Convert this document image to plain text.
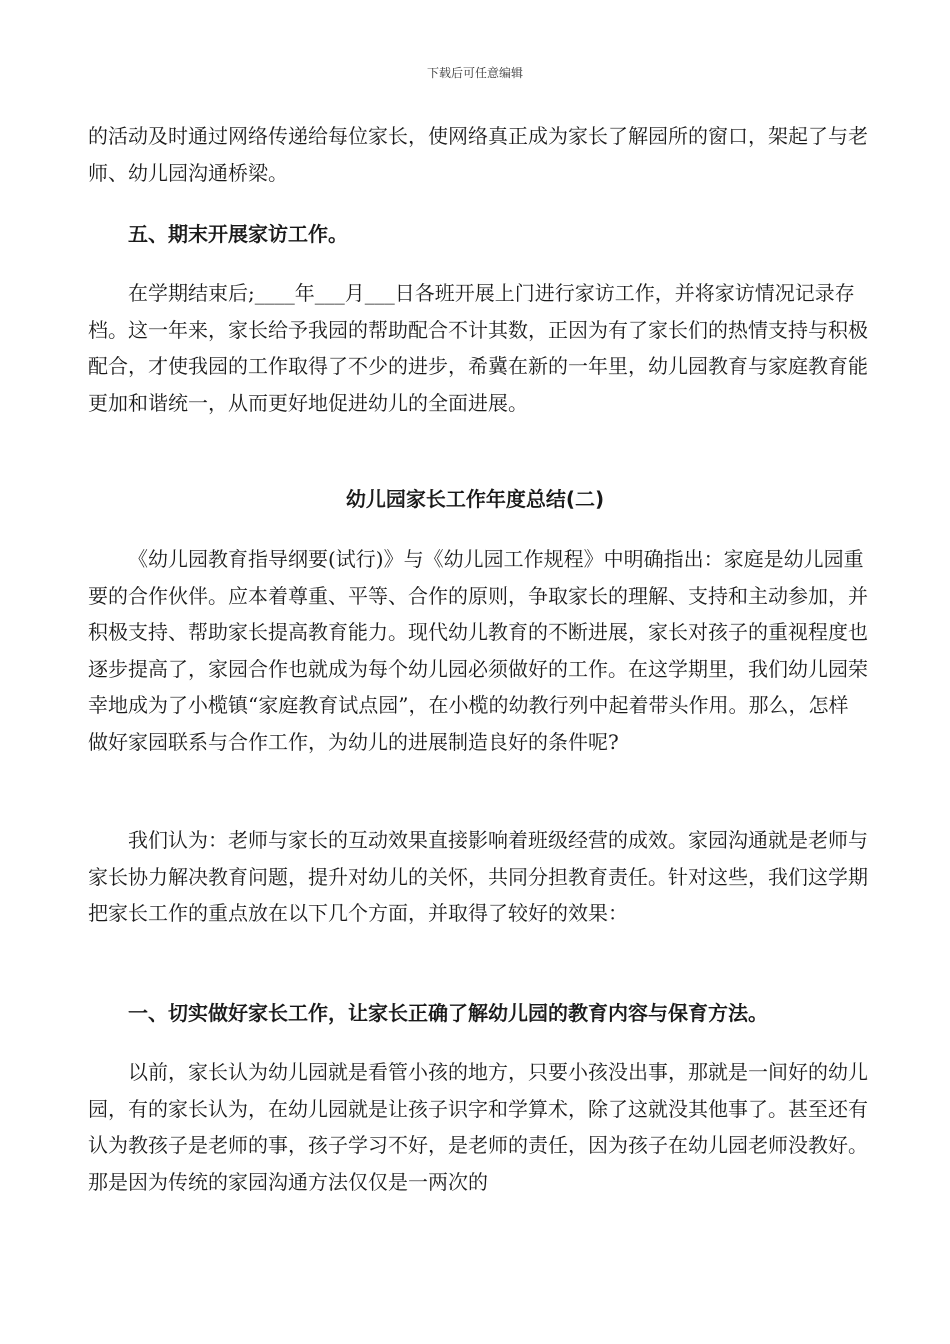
下载后可任意编辑
的活动及时通过网络传递给每位家长，使网络真正成为家长了解园所的窗口，架起了与老师、幼儿园沟通桥梁。
五、期末开展家访工作。
在学期结束后;____年___月___日各班开展上门进行家访工作，并将家访情况记录存档。这一年来，家长给予我园的帮助配合不计其数，正因为有了家长们的热情支持与积极配合，才使我园的工作取得了不少的进步，希冀在新的一年里，幼儿园教育与家庭教育能更加和谐统一，从而更好地促进幼儿的全面进展。
幼儿园家长工作年度总结(二)
《幼儿园教育指导纲要(试行)》与《幼儿园工作规程》中明确指出：家庭是幼儿园重要的合作伙伴。应本着尊重、平等、合作的原则，争取家长的理解、支持和主动参加，并积极支持、帮助家长提高教育能力。现代幼儿教育的不断进展，家长对孩子的重视程度也逐步提高了，家园合作也就成为每个幼儿园必须做好的工作。在这学期里，我们幼儿园荣幸地成为了小榄镇“家庭教育试点园”，在小榄的幼教行列中起着带头作用。那么，怎样做好家园联系与合作工作，为幼儿的进展制造良好的条件呢?
我们认为：老师与家长的互动效果直接影响着班级经营的成效。家园沟通就是老师与家长协力解决教育问题，提升对幼儿的关怀，共同分担教育责任。针对这些，我们这学期把家长工作的重点放在以下几个方面，并取得了较好的效果：
一、切实做好家长工作，让家长正确了解幼儿园的教育内容与保育方法。
以前，家长认为幼儿园就是看管小孩的地方，只要小孩没出事，那就是一间好的幼儿园，有的家长认为，在幼儿园就是让孩子识字和学算术，除了这就没其他事了。甚至还有认为教孩子是老师的事，孩子学习不好，是老师的责任，因为孩子在幼儿园老师没教好。那是因为传统的家园沟通方法仅仅是一两次的
